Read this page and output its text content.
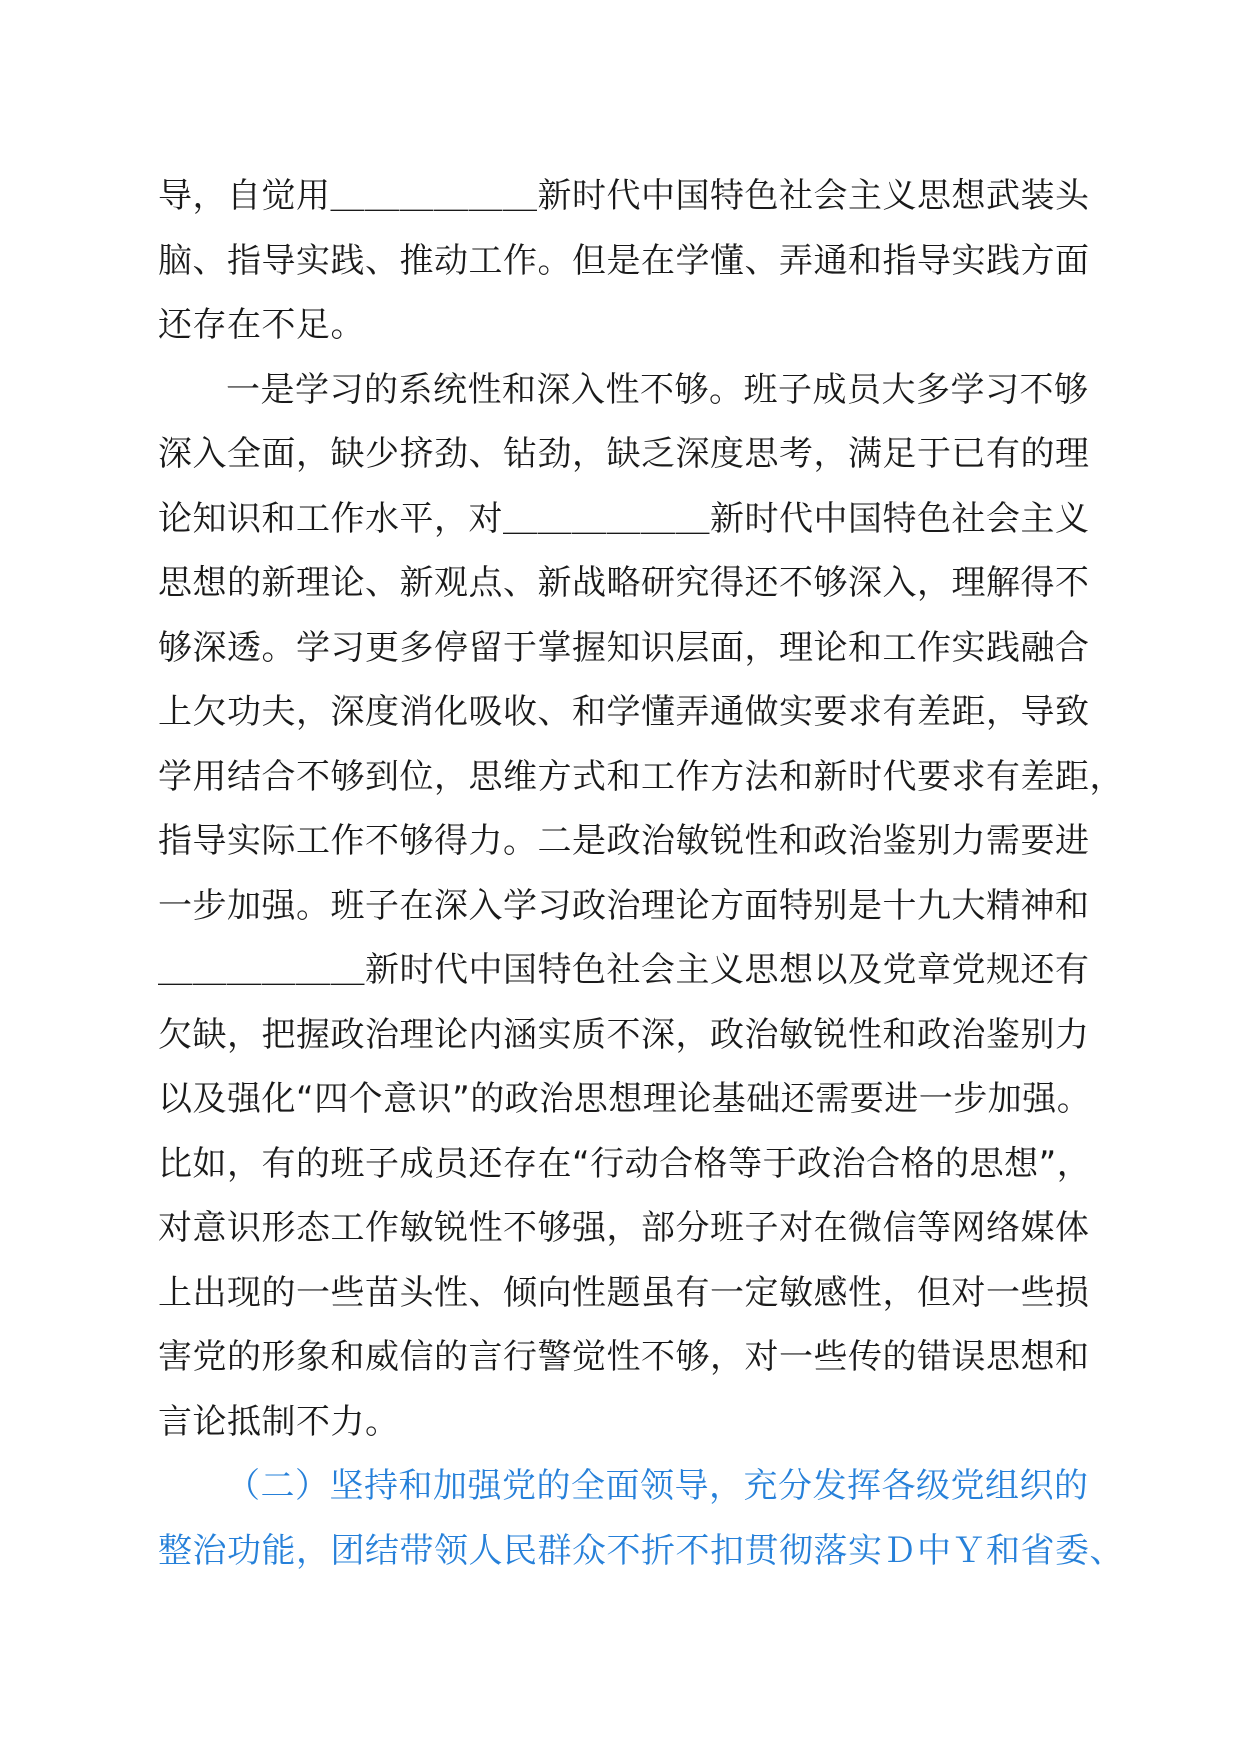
导，自觉用＿＿＿＿＿＿新时代中国特色社会主义思想武装头
脑、指导实践、推动工作。但是在学懂、弄通和指导实践方面
还存在不足。
一是学习的系统性和深入性不够。班子成员大多学习不够
深入全面，缺少挤劲、钻劲，缺乏深度思考，满足于已有的理
论知识和工作水平，对＿＿＿＿＿＿新时代中国特色社会主义
思想的新理论、新观点、新战略研究得还不够深入，理解得不
够深透。学习更多停留于掌握知识层面，理论和工作实践融合
上欠功夫，深度消化吸收、和学懂弄通做实要求有差距，导致
学用结合不够到位，思维方式和工作方法和新时代要求有差距，
指导实际工作不够得力。二是政治敏锐性和政治鉴别力需要进
一步加强。班子在深入学习政治理论方面特别是十九大精神和
＿＿＿＿＿＿新时代中国特色社会主义思想以及党章党规还有
欠缺，把握政治理论内涵实质不深，政治敏锐性和政治鉴别力
以及强化“四个意识”的政治思想理论基础还需要进一步加强。
比如，有的班子成员还存在“行动合格等于政治合格的思想”，
对意识形态工作敏锐性不够强，部分班子对在微信等网络媒体
上出现的一些苗头性、倾向性题虽有一定敏感性，但对一些损
害党的形象和威信的言行警觉性不够，对一些传的错误思想和
言论抵制不力。
（二）坚持和加强党的全面领导，充分发挥各级党组织的
整治功能，团结带领人民群众不折不扣贯彻落实Ｄ中Ｙ和省委、
